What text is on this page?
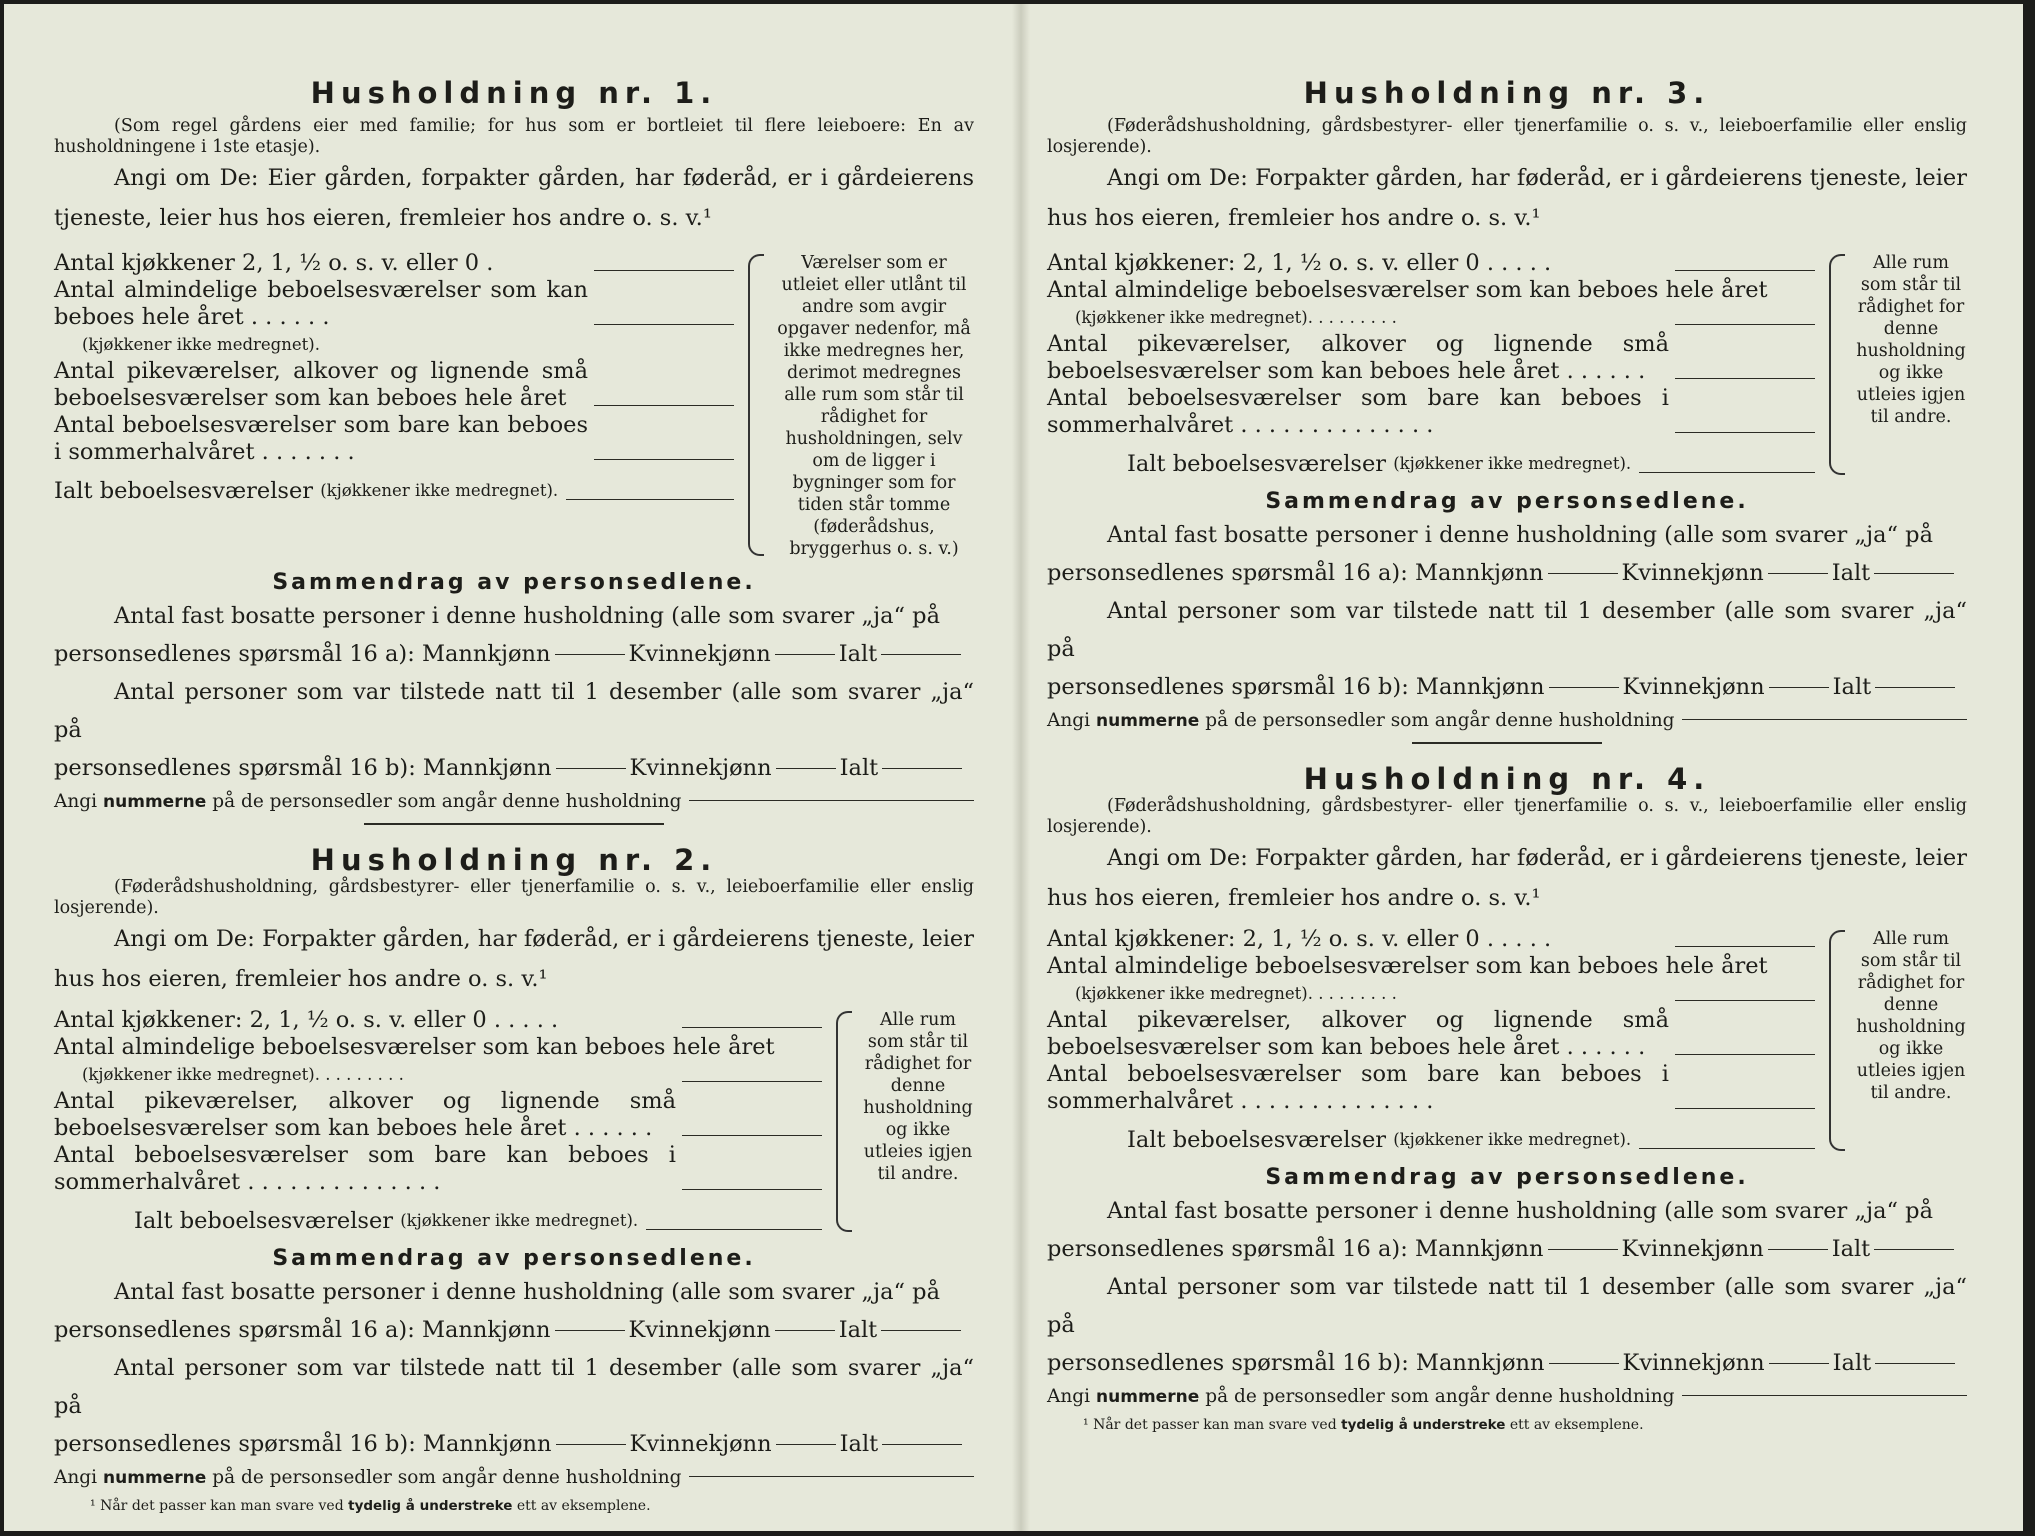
Husholdning nr. 1.

(Som regel gårdens eier med familie; for hus som er bortleiet til flere leieboere: En av husholdningene i 1ste etasje).

Angi om De: Eier gården, forpakter gården, har føderåd, er i gårdeierens tjeneste, leier hus hos eieren, fremleier hos andre o. s. v.¹

Antal kjøkkener 2, 1, ½ o. s. v. eller 0 .
Antal almindelige beboelsesværelser som kan beboes hele året . . . . . .
(kjøkkener ikke medregnet).
Antal pikeværelser, alkover og lignende små beboelsesværelser som kan beboes hele året
Antal beboelsesværelser som bare kan beboes i sommerhalvåret . . . . . . .
Ialt beboelsesværelser
(kjøkkener ikke medregnet).
Værelser som er utleiet eller utlånt til andre som avgir opgaver nedenfor, må ikke medregnes her, derimot medregnes alle rum som står til rådighet for husholdningen, selv om de ligger i bygninger som for tiden står tomme (føderådshus, bryggerhus o. s. v.)
Sammendrag av personsedlene.

Antal fast bosatte personer i denne husholdning (alle som svarer „ja“ på

personsedlenes spørsmål 16 a): Mannkjønn	Kvinnekjønn	Ialt

Antal personer som var tilstede natt til 1 desember (alle som svarer „ja“ på

personsedlenes spørsmål 16 b): Mannkjønn	Kvinnekjønn	Ialt
Angi nummerne på de personsedler som angår denne husholdning
Husholdning nr. 2.

(Føderådshusholdning, gårdsbestyrer- eller tjenerfamilie o. s. v., leieboerfamilie eller enslig losjerende).

Angi om De: Forpakter gården, har føderåd, er i gårdeierens tjeneste, leier hus hos eieren, fremleier hos andre o. s. v.¹

Antal kjøkkener: 2, 1, ½ o. s. v. eller 0 . . . . .
Antal almindelige beboelsesværelser som kan beboes hele året
(kjøkkener ikke medregnet). . . . . . . . .
Antal pikeværelser, alkover og lignende små beboelsesværelser som kan beboes hele året . . . . . .
Antal beboelsesværelser som bare kan beboes i sommerhalvåret . . . . . . . . . . . . . .
Ialt beboelsesværelser
(kjøkkener ikke medregnet).
Alle rum som står til rådighet for denne husholdning og ikke utleies igjen til andre.
Sammendrag av personsedlene.

Antal fast bosatte personer i denne husholdning (alle som svarer „ja“ på

personsedlenes spørsmål 16 a): Mannkjønn	Kvinnekjønn	Ialt

Antal personer som var tilstede natt til 1 desember (alle som svarer „ja“ på

personsedlenes spørsmål 16 b): Mannkjønn	Kvinnekjønn	Ialt
Angi nummerne på de personsedler som angår denne husholdning
¹ Når det passer kan man svare ved tydelig å understreke ett av eksemplene.
Husholdning nr. 3.

(Føderådshusholdning, gårdsbestyrer- eller tjenerfamilie o. s. v., leieboerfamilie eller enslig losjerende).

Angi om De: Forpakter gården, har føderåd, er i gårdeierens tjeneste, leier hus hos eieren, fremleier hos andre o. s. v.¹

Antal kjøkkener: 2, 1, ½ o. s. v. eller 0 . . . . .
Antal almindelige beboelsesværelser som kan beboes hele året
(kjøkkener ikke medregnet). . . . . . . . .
Antal pikeværelser, alkover og lignende små beboelsesværelser som kan beboes hele året . . . . . .
Antal beboelsesværelser som bare kan beboes i sommerhalvåret . . . . . . . . . . . . . .
Ialt beboelsesværelser
(kjøkkener ikke medregnet).
Alle rum som står til rådighet for denne husholdning og ikke utleies igjen til andre.
Sammendrag av personsedlene.

Antal fast bosatte personer i denne husholdning (alle som svarer „ja“ på

personsedlenes spørsmål 16 a): Mannkjønn	Kvinnekjønn	Ialt

Antal personer som var tilstede natt til 1 desember (alle som svarer „ja“ på

personsedlenes spørsmål 16 b): Mannkjønn	Kvinnekjønn	Ialt
Angi nummerne på de personsedler som angår denne husholdning
Husholdning nr. 4.

(Føderådshusholdning, gårdsbestyrer- eller tjenerfamilie o. s. v., leieboerfamilie eller enslig losjerende).

Angi om De: Forpakter gården, har føderåd, er i gårdeierens tjeneste, leier hus hos eieren, fremleier hos andre o. s. v.¹

Antal kjøkkener: 2, 1, ½ o. s. v. eller 0 . . . . .
Antal almindelige beboelsesværelser som kan beboes hele året
(kjøkkener ikke medregnet). . . . . . . . .
Antal pikeværelser, alkover og lignende små beboelsesværelser som kan beboes hele året . . . . . .
Antal beboelsesværelser som bare kan beboes i sommerhalvåret . . . . . . . . . . . . . .
Ialt beboelsesværelser
(kjøkkener ikke medregnet).
Alle rum som står til rådighet for denne husholdning og ikke utleies igjen til andre.
Sammendrag av personsedlene.

Antal fast bosatte personer i denne husholdning (alle som svarer „ja“ på

personsedlenes spørsmål 16 a): Mannkjønn	Kvinnekjønn	Ialt

Antal personer som var tilstede natt til 1 desember (alle som svarer „ja“ på

personsedlenes spørsmål 16 b): Mannkjønn	Kvinnekjønn	Ialt
Angi nummerne på de personsedler som angår denne husholdning
¹ Når det passer kan man svare ved tydelig å understreke ett av eksemplene.
